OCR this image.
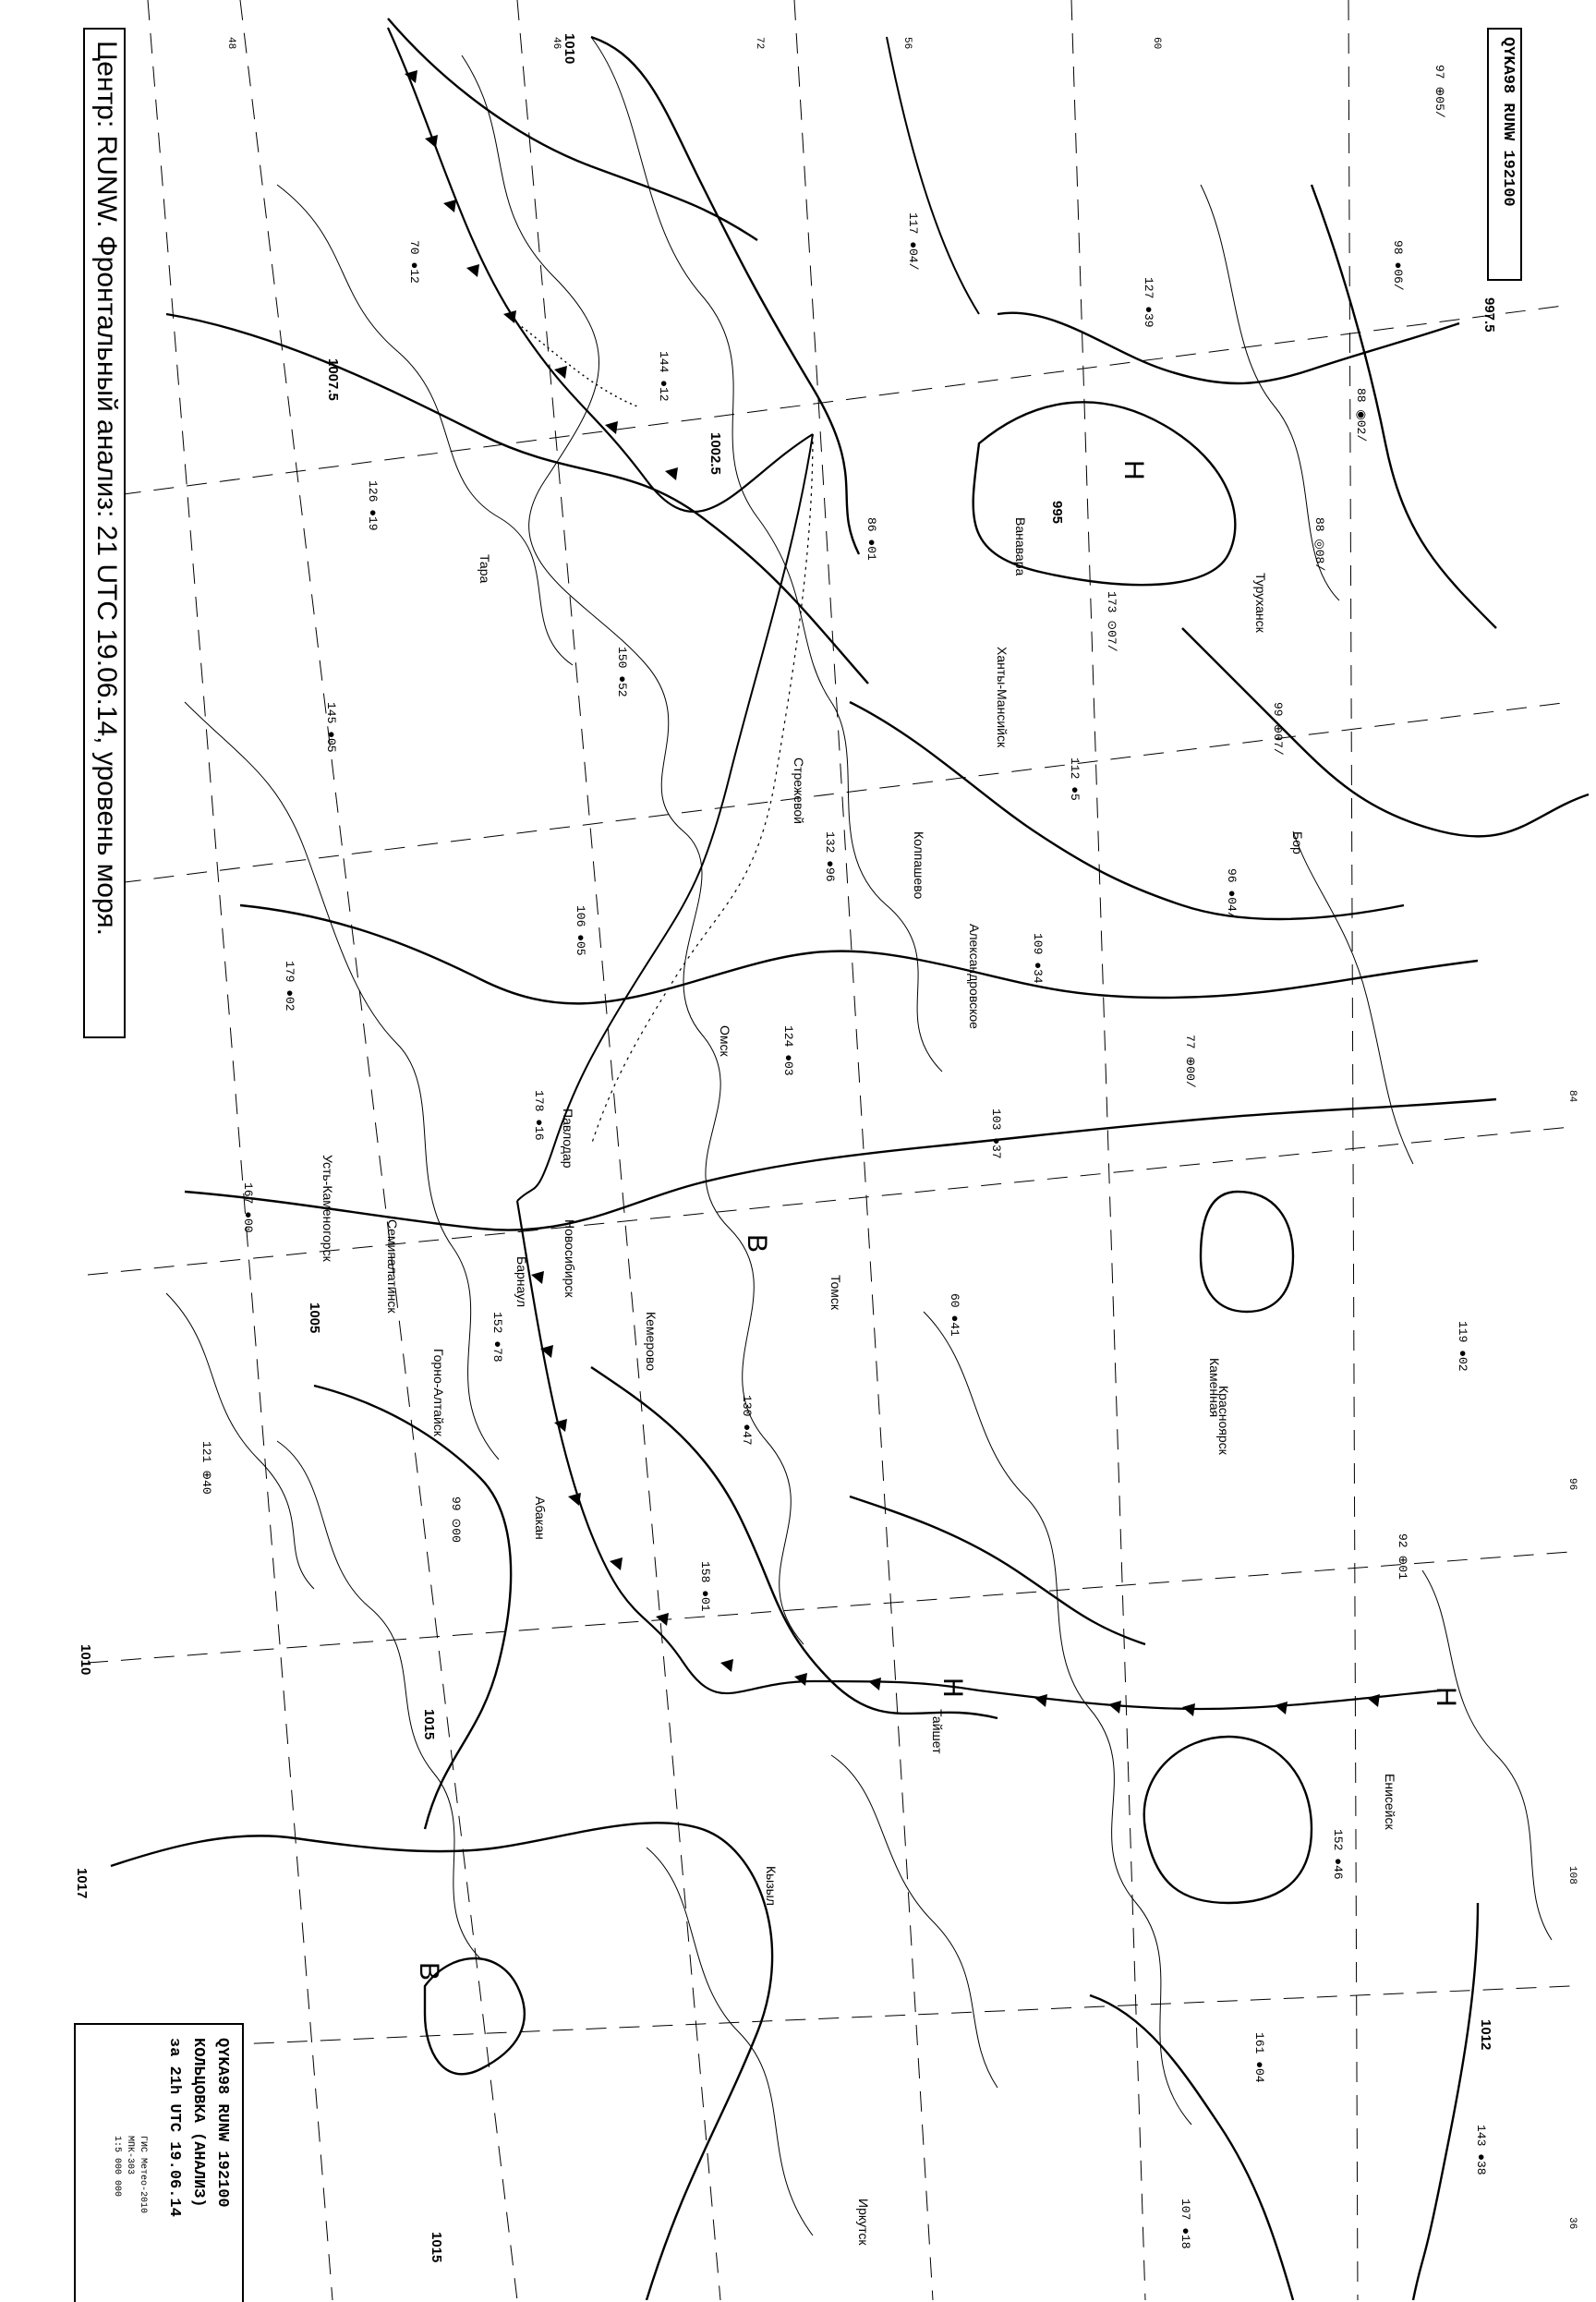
Н
Н	Н
В
В
1010
1007.5
1002.5
997.5
995
1005
1015
1017
1015
1012
1010
97 ⊕05/
98 ●06/
88 ◉02/
88 ◎08/
99 ⊕07/
96 ●04/
77 ⊕00/
127 ●39
173 ⊙07/
112 ●5
109 ●34
103 ●37
60 ●41
117 ●04/
86 ●01
132 ●96
124 ●03
130 ●47
158 ●01
144 ●12
150 ●52
106 ●05
178 ●16
152 ●78
99 ⊙00
70 ●12
126 ●19
145 ●05
179 ●02
167 ●00
121 ⊕40
119 ●02
92 ⊕01
152 ●46
161 ●04
107 ●18
143 ●38
Новосибирск
Барнаул
Горно-Алтайск
Кемерово
Томск
Красноярск
Абакан
Кызыл
Иркутск
Тайшет
Енисейск
Каменная
Колпашево
Александровское
Ханты-Мансийск
Омск
Павлодар
Семипалатинск
Усть-Каменогорск
Тара
Стрежевой
Ванавара
Туруханск
Бор
48	60
84
96
108
72
36
46	56
Центр: RUNW. Фронтальный анализ: 21 UTC 19.06.14, уровень моря.	QYKA98 RUNW 192100
QYKA98 RUNW 192100
КОЛЬЦОВКА (АНАЛИЗ)
за 21h UTC 19.06.14
ГИС Метео-2010
МПК-303
1:5 000 000
